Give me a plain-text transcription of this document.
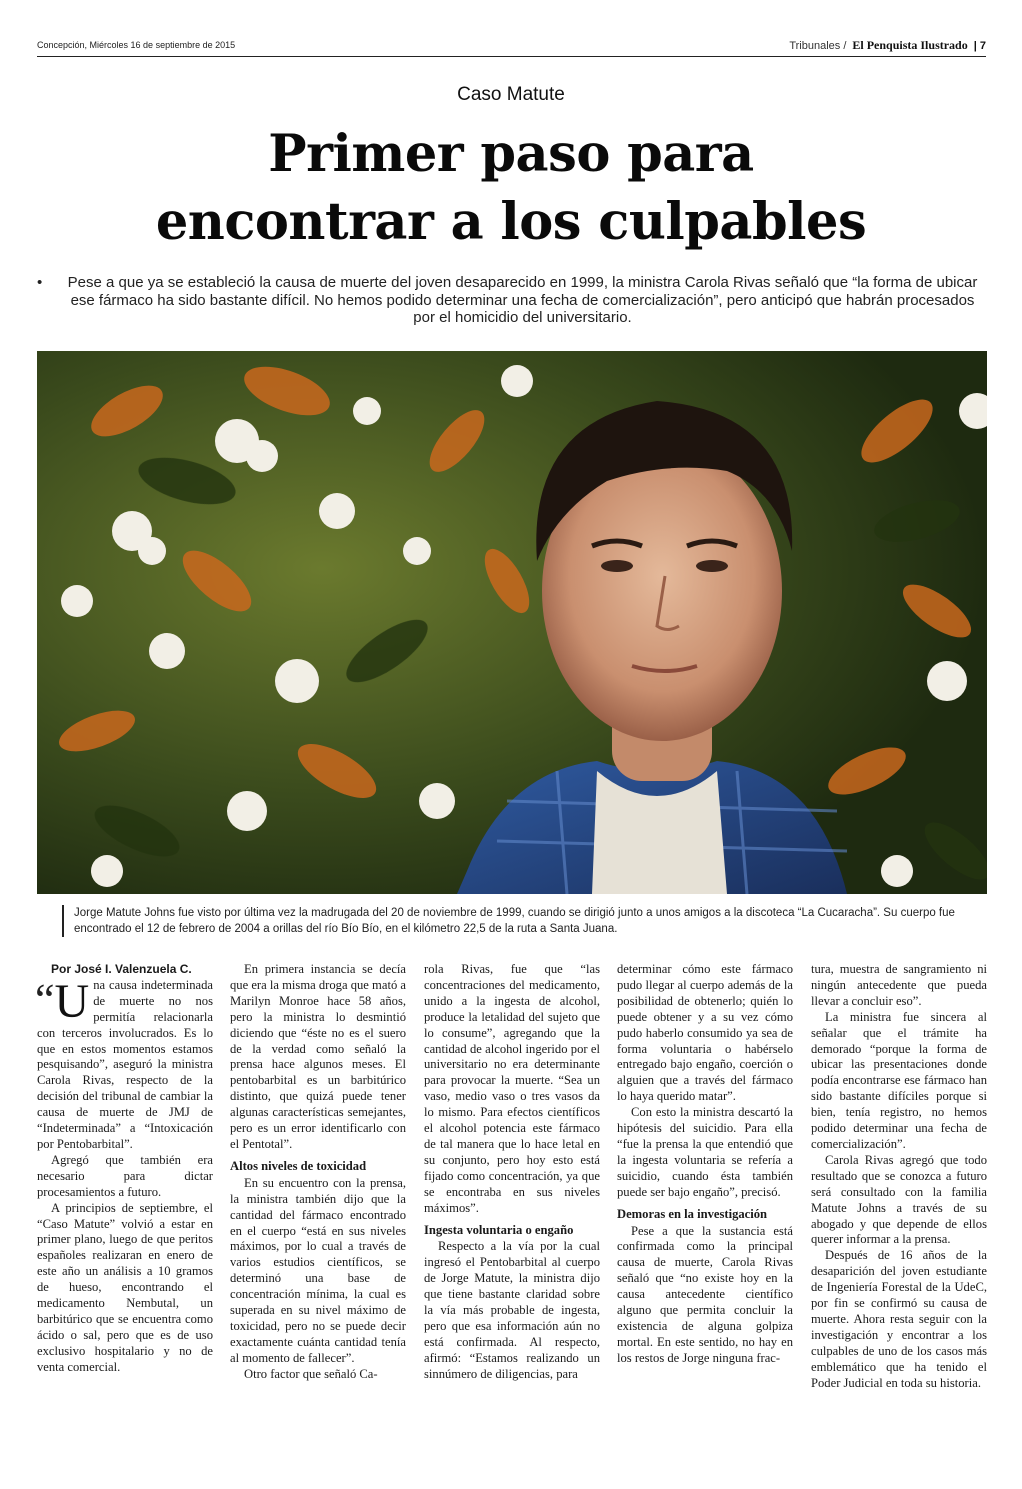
Concepción, Miércoles 16 de septiembre de 2015	Tribunales / El Penquista Ilustrado | 7
Caso Matute
Primer paso para
encontrar a los culpables
•	Pese a que ya se estableció la causa de muerte del joven desaparecido en 1999, la ministra Carola Rivas señaló que “la forma de ubicar ese fármaco ha sido bastante difícil. No hemos podido determinar una fecha de comercialización”, pero anticipó que habrán procesados por el homicidio del universitario.
Jorge Matute Johns fue visto por última vez la madrugada del 20 de noviembre de 1999, cuando se dirigió junto a unos amigos a la discoteca “La Cucaracha”. Su cuerpo fue encontrado el 12 de febrero de 2004 a orillas del río Bío Bío, en el kilómetro 22,5 de la ruta a Santa Juana.

Por José I. Valenzuela C.

“ U na causa indeterminada de muerte no nos permitía relacionarla con terceros involucrados. Es lo que en estos momentos estamos pesquisando”, aseguró la ministra Carola Rivas, respecto de la decisión del tribunal de cambiar la causa de muerte de JMJ de “Indeterminada” a “Intoxicación por Pentobarbital”.

Agregó que también era necesario para dictar procesamientos a futuro.

A principios de septiembre, el “Caso Matute” volvió a estar en primer plano, luego de que peritos españoles realizaran en enero de este año un análisis a 10 gramos de hueso, encontrando el medicamento Nembutal, un barbitúrico que se encuentra como ácido o sal, pero que es de uso exclusivo hospitalario y no de venta comercial.

En primera instancia se decía que era la misma droga que mató a Marilyn Monroe hace 58 años, pero la ministra lo desmintió diciendo que “éste no es el suero de la verdad como señaló la prensa hace algunos meses. El pentobarbital es un barbitúrico distinto, que quizá puede tener algunas características semejantes, pero es un error identificarlo con el Pentotal”.

Altos niveles de toxicidad

En su encuentro con la prensa, la ministra también dijo que la cantidad del fármaco encontrado en el cuerpo “está en sus niveles máximos, por lo cual a través de varios estudios científicos, se determinó una base de concentración mínima, la cual es superada en su nivel máximo de toxicidad, pero no se puede decir exactamente cuánta cantidad tenía al momento de fallecer”.

Otro factor que señaló Ca-

rola Rivas, fue que “las concentraciones del medicamento, unido a la ingesta de alcohol, produce la letalidad del sujeto que lo consume”, agregando que la cantidad de alcohol ingerido por el universitario no era determinante para provocar la muerte. “Sea un vaso, medio vaso o tres vasos da lo mismo. Para efectos científicos el alcohol potencia este fármaco de tal manera que lo hace letal en su conjunto, pero hoy esto está fijado como concentración, ya que se encontraba en sus niveles máximos”.

Ingesta voluntaria o engaño

Respecto a la vía por la cual ingresó el Pentobarbital al cuerpo de Jorge Matute, la ministra dijo que tiene bastante claridad sobre la vía más probable de ingesta, pero que esa información aún no está confirmada. Al respecto, afirmó: “Estamos realizando un sinnúmero de diligencias, para

determinar cómo este fármaco pudo llegar al cuerpo además de la posibilidad de obtenerlo; quién lo puede obtener y a su vez cómo pudo haberlo consumido ya sea de forma voluntaria o habérselo entregado bajo engaño, coerción o alguien que a través del fármaco lo haya querido matar”.

Con esto la ministra descartó la hipótesis del suicidio. Para ella “fue la prensa la que entendió que la ingesta voluntaria se refería a suicidio, cuando ésta también puede ser bajo engaño”, precisó.

Demoras en la investigación

Pese a que la sustancia está confirmada como la principal causa de muerte, Carola Rivas señaló que “no existe hoy en la causa antecedente científico alguno que permita concluir la existencia de alguna golpiza mortal. En este sentido, no hay en los restos de Jorge ninguna frac-

tura, muestra de sangramiento ni ningún antecedente que pueda llevar a concluir eso”.

La ministra fue sincera al señalar que el trámite ha demorado “porque la forma de ubicar las presentaciones donde podía encontrarse ese fármaco han sido bastante difíciles porque si bien, tenía registro, no hemos podido determinar una fecha de comercialización”.

Carola Rivas agregó que todo resultado que se conozca a futuro será consultado con la familia Matute Johns a través de su abogado y que depende de ellos querer informar a la prensa.

Después de 16 años de la desaparición del joven estudiante de Ingeniería Forestal de la UdeC, por fin se confirmó su causa de muerte. Ahora resta seguir con la investigación y encontrar a los culpables de uno de los casos más emblemático que ha tenido el Poder Judicial en toda su historia.
